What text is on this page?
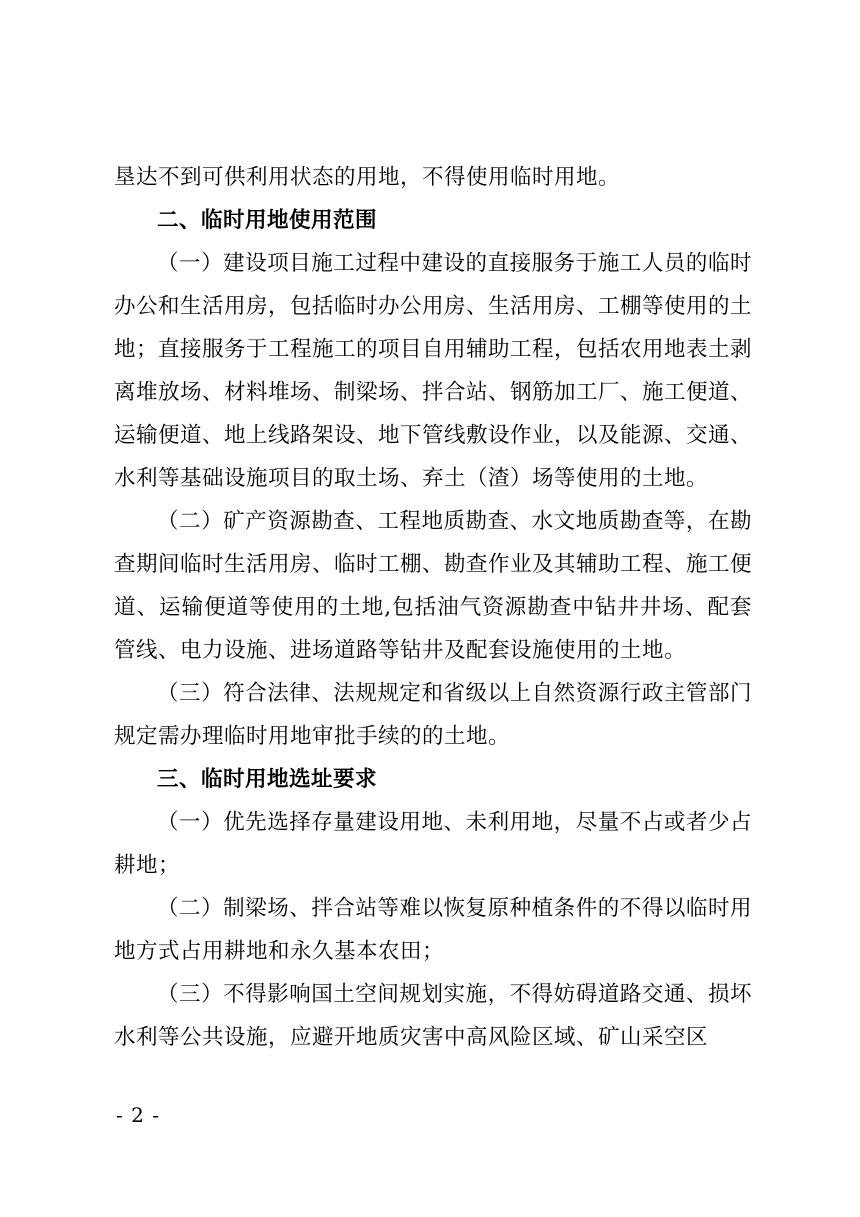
垦达不到可供利用状态的用地，不得使用临时用地。

二、临时用地使用范围

（一）建设项目施工过程中建设的直接服务于施工人员的临时办公和生活用房，包括临时办公用房、生活用房、工棚等使用的土地；直接服务于工程施工的项目自用辅助工程，包括农用地表土剥离堆放场、材料堆场、制梁场、拌合站、钢筋加工厂、施工便道、运输便道、地上线路架设、地下管线敷设作业，以及能源、交通、水利等基础设施项目的取土场、弃土（渣）场等使用的土地。

（二）矿产资源勘查、工程地质勘查、水文地质勘查等，在勘查期间临时生活用房、临时工棚、勘查作业及其辅助工程、施工便道、运输便道等使用的土地,包括油气资源勘查中钻井井场、配套管线、电力设施、进场道路等钻井及配套设施使用的土地。

（三）符合法律、法规规定和省级以上自然资源行政主管部门规定需办理临时用地审批手续的的土地。

三、临时用地选址要求

（一）优先选择存量建设用地、未利用地，尽量不占或者少占耕地；

（二）制梁场、拌合站等难以恢复原种植条件的不得以临时用地方式占用耕地和永久基本农田；

（三）不得影响国土空间规划实施，不得妨碍道路交通、损坏水利等公共设施，应避开地质灾害中高风险区域、矿山采空区

- 2 -
